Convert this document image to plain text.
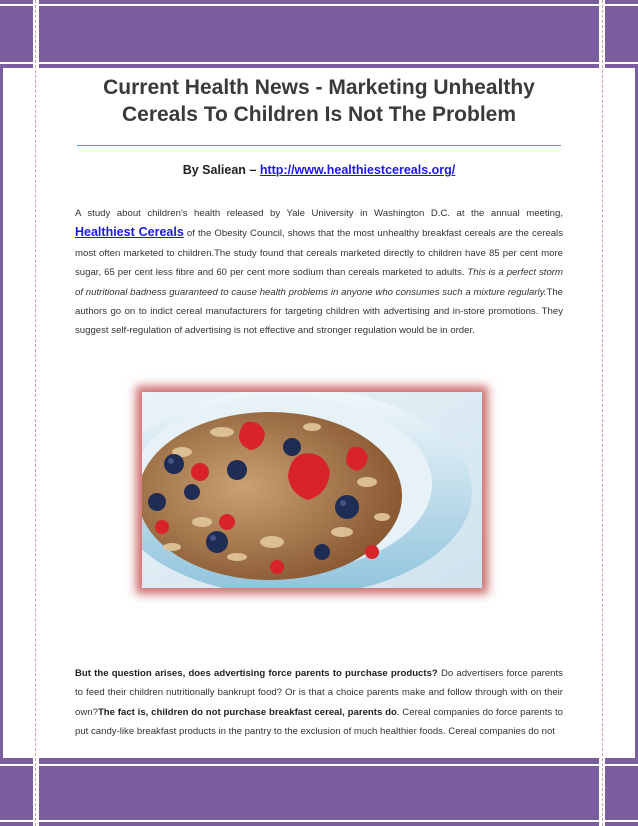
Current Health News - Marketing Unhealthy
Cereals To Children Is Not The Problem
By Saliean – http://www.healthiestcereals.org/
A study about children's health released by Yale University in Washington D.C. at the annual meeting, Healthiest Cereals of the Obesity Council, shows that the most unhealthy breakfast cereals are the cereals most often marketed to children.The study found that cereals marketed directly to children have 85 per cent more sugar, 65 per cent less fibre and 60 per cent more sodium than cereals marketed to adults. This is a perfect storm of nutritional badness guaranteed to cause health problems in anyone who consumes such a mixture regularly.The authors go on to indict cereal manufacturers for targeting children with advertising and in-store promotions. They suggest self-regulation of advertising is not effective and stronger regulation would be in order.
But the question arises, does advertising force parents to purchase products? Do advertisers force parents to feed their children nutritionally bankrupt food? Or is that a choice parents make and follow through with on their own?The fact is, children do not purchase breakfast cereal, parents do. Cereal companies do force parents to put candy-like breakfast products in the pantry to the exclusion of much healthier foods. Cereal companies do not
